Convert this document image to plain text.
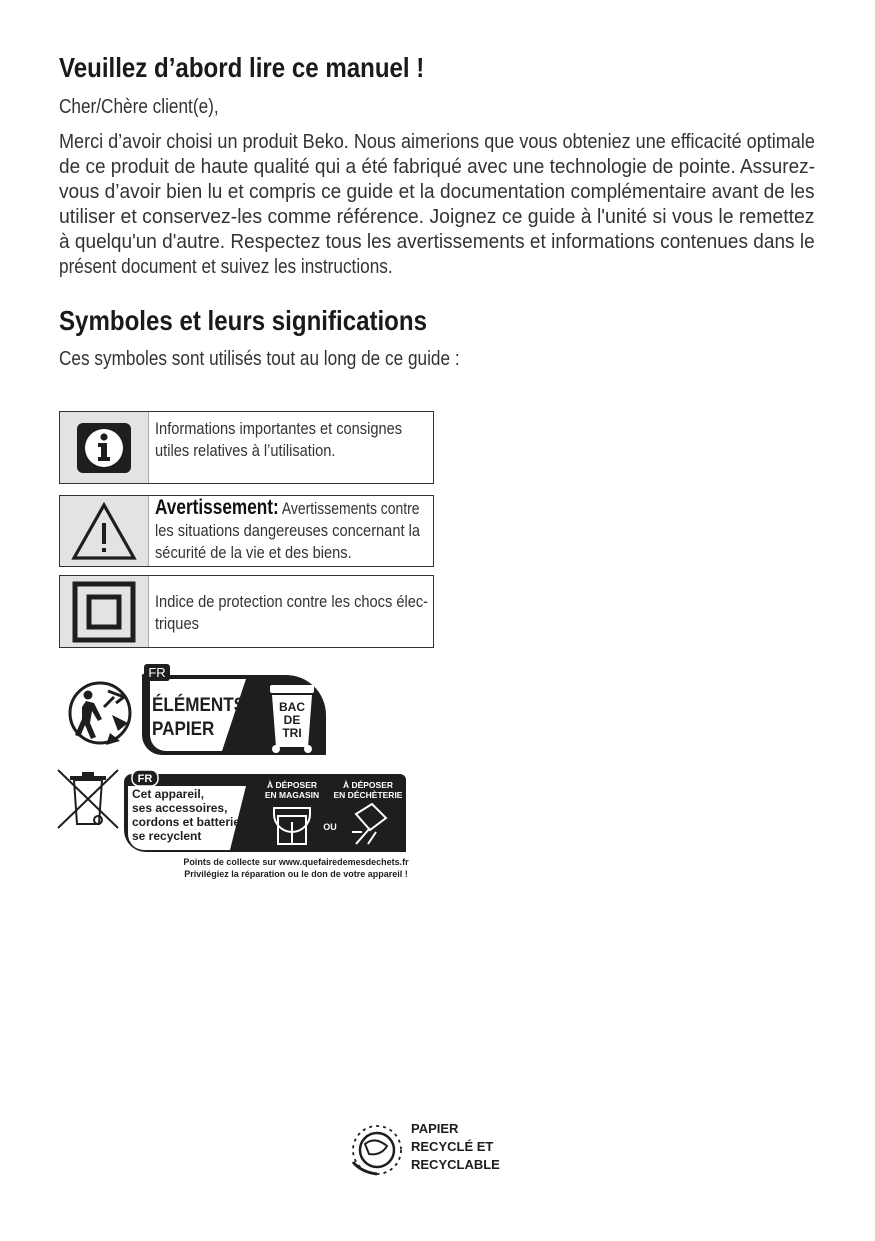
Veuillez d’abord lire ce manuel !
Cher/Chère client(e),
Merci d’avoir choisi un produit Beko. Nous aimerions que vous obteniez une efficacité optimale
de ce produit de haute qualité qui a été fabriqué avec une technologie de pointe. Assurez-
vous d’avoir bien lu et compris ce guide et la documentation complémentaire avant de les
utiliser et conservez-les comme référence. Joignez ce guide à l'unité si vous le remettez
à quelqu'un d'autre. Respectez tous les avertissements et informations contenues dans le
présent document et suivez les instructions.
Symboles et leurs significations
Ces symboles sont utilisés tout au long de ce guide :
Informations importantes et consignes
utiles relatives à l’utilisation.
Avertissement: Avertissements contre
les situations dangereuses concernant la
sécurité de la vie et des biens.
Indice de protection contre les chocs élec-
triques
FR
ÉLÉMENTS
PAPIER
BAC
DE
TRI
FR
Cet appareil,
ses accessoires,
cordons et batteries
se recyclent
À DÉPOSER
EN MAGASIN
À DÉPOSER
EN DÉCHÈTERIE
OU
Points de collecte sur www.quefairedemesdechets.fr
Privilégiez la réparation ou le don de votre appareil !
PAPIER
RECYCLÉ ET
RECYCLABLE
